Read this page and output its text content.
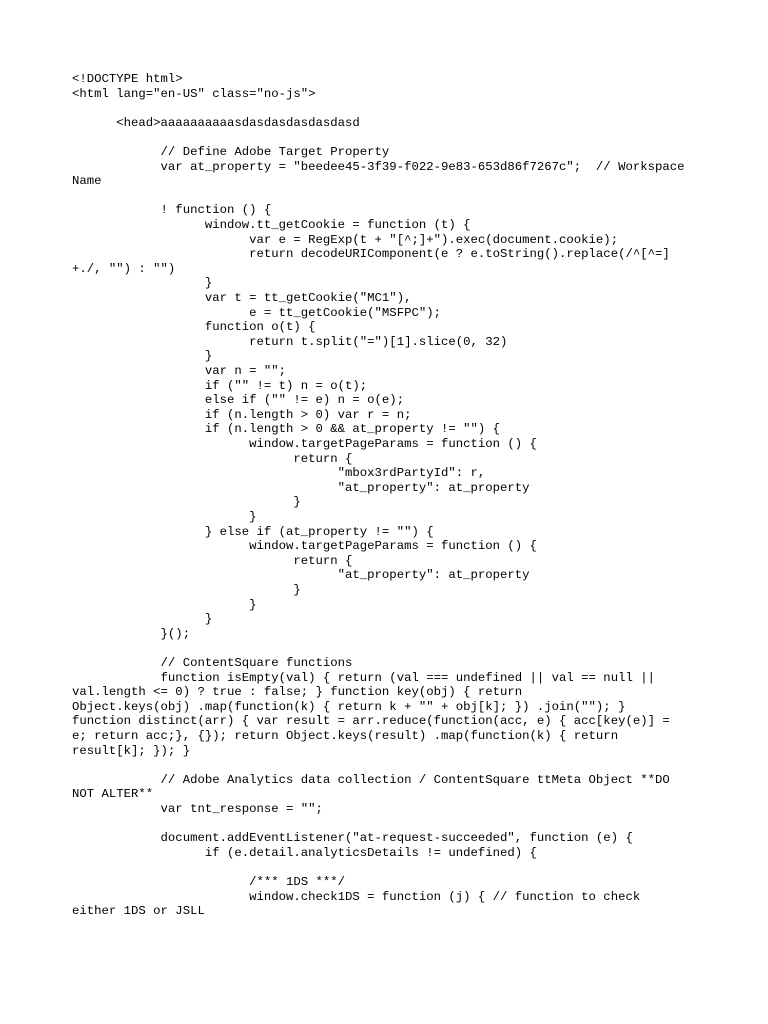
<!DOCTYPE html>
<html lang="en-US" class="no-js">
<head>aaaaaaaaaasdasdasdasdasdasd
// Define Adobe Target Property
var at_property = "beedee45-3f39-f022-9e83-653d86f7267c";  // Workspace
Name
! function () {
window.tt_getCookie = function (t) {
var e = RegExp(t + "[^;]+").exec(document.cookie);
return decodeURIComponent(e ? e.toString().replace(/^[^=]
+./, "") : "")
}
var t = tt_getCookie("MC1"),
e = tt_getCookie("MSFPC");
function o(t) {
return t.split("=")[1].slice(0, 32)
}
var n = "";
if ("" != t) n = o(t);
else if ("" != e) n = o(e);
if (n.length > 0) var r = n;
if (n.length > 0 && at_property != "") {
window.targetPageParams = function () {
return {
"mbox3rdPartyId": r,
"at_property": at_property
}
}
} else if (at_property != "") {
window.targetPageParams = function () {
return {
"at_property": at_property
}
}
}
}();
// ContentSquare functions
function isEmpty(val) { return (val === undefined || val == null ||
val.length <= 0) ? true : false; } function key(obj) { return
Object.keys(obj) .map(function(k) { return k + "" + obj[k]; }) .join(""); }
function distinct(arr) { var result = arr.reduce(function(acc, e) { acc[key(e)] =
e; return acc;}, {}); return Object.keys(result) .map(function(k) { return
result[k]; }); }
// Adobe Analytics data collection / ContentSquare ttMeta Object **DO
NOT ALTER**
var tnt_response = "";
document.addEventListener("at-request-succeeded", function (e) {
if (e.detail.analyticsDetails != undefined) {
/*** 1DS ***/
window.check1DS = function (j) { // function to check
either 1DS or JSLL
